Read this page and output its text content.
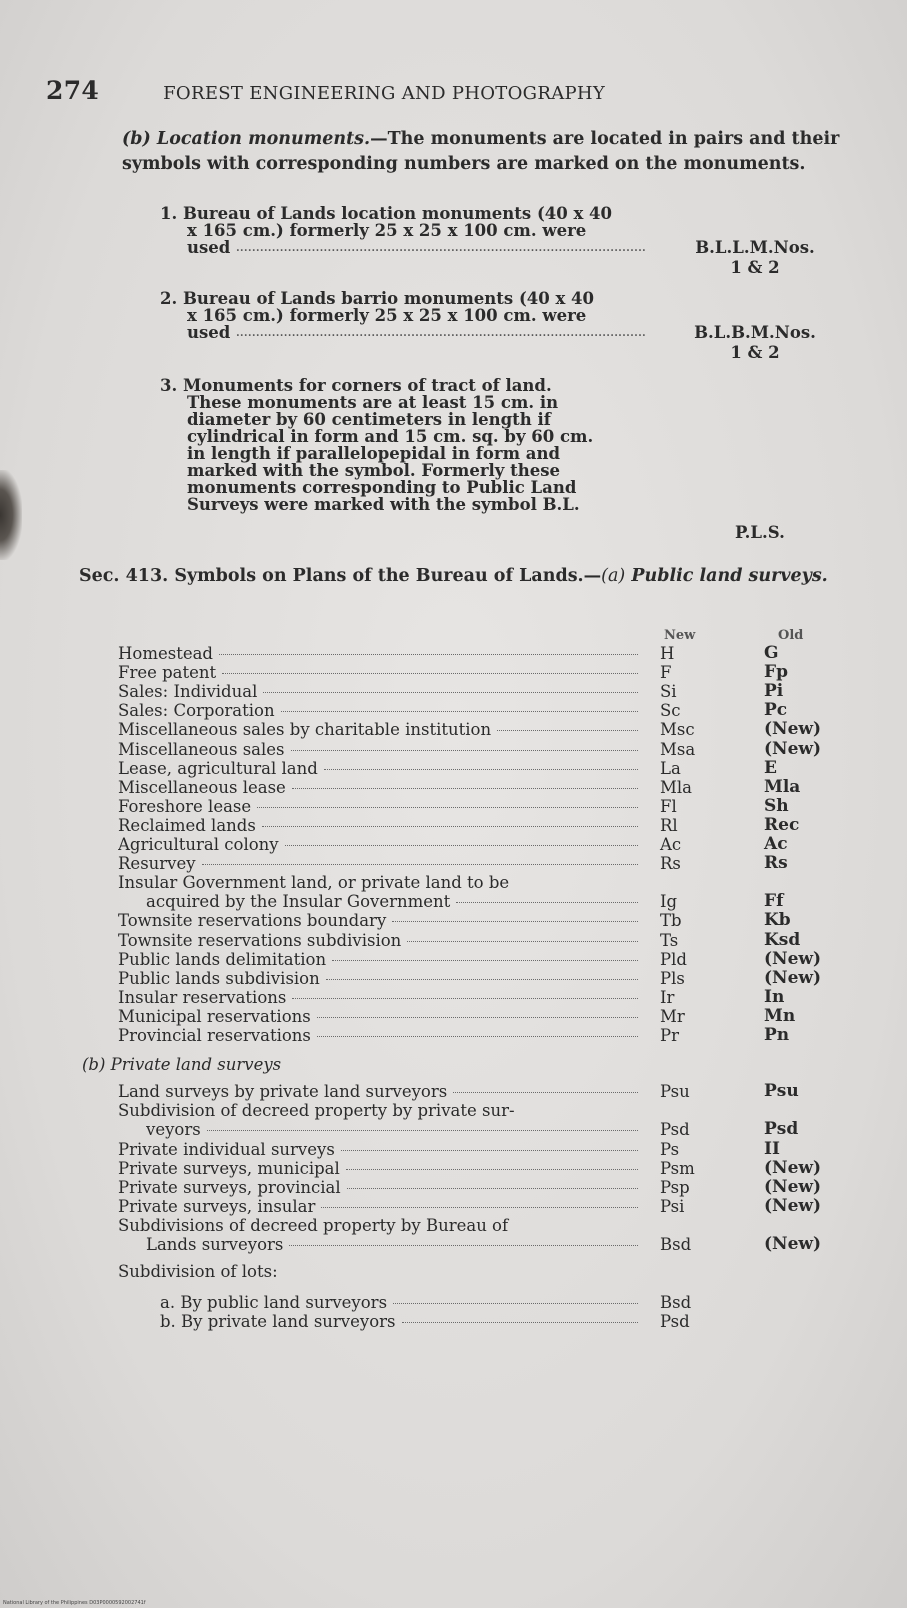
274	FOREST ENGINEERING AND PHOTOGRAPHY
(b) Location monuments.—The monuments are located in pairs and their symbols with corresponding numbers are marked on the monuments.
1. Bureau of Lands location monuments (40 x 40
x 165 cm.) formerly 25 x 25 x 100 cm. were
used .......................................................................................................	B.L.L.M.Nos.
1 & 2
2. Bureau of Lands barrio monuments (40 x 40
x 165 cm.) formerly 25 x 25 x 100 cm. were
used .......................................................................................................	B.L.B.M.Nos.
1 & 2
3. Monuments for corners of tract of land.
These monuments are at least 15 cm. in
diameter by 60 centimeters in length if
cylindrical in form and 15 cm. sq. by 60 cm.
in length if parallelopepidal in form and
marked with the symbol. Formerly these
monuments corresponding to Public Land
Surveys were marked with the symbol B.L.
P.L.S.
Sec. 413. Symbols on Plans of the Bureau of Lands.—(a) Public land surveys.
New	Old
Homestead	H	G
Free patent	F	Fp
Sales: Individual	Si	Pi
Sales: Corporation	Sc	Pc
Miscellaneous sales by charitable institution	Msc	(New)
Miscellaneous sales	Msa	(New)
Lease, agricultural land	La	E
Miscellaneous lease	Mla	Mla
Foreshore lease	Fl	Sh
Reclaimed lands	Rl	Rec
Agricultural colony	Ac	Ac
Resurvey	Rs	Rs
Insular Government land, or private land to be
acquired by the Insular Government	Ig	Ff
Townsite reservations boundary	Tb	Kb
Townsite reservations subdivision	Ts	Ksd
Public lands delimitation	Pld	(New)
Public lands subdivision	Pls	(New)
Insular reservations	Ir	In
Municipal reservations	Mr	Mn
Provincial reservations	Pr	Pn
(b) Private land surveys
Land surveys by private land surveyors	Psu	Psu
Subdivision of decreed property by private sur-
veyors	Psd	Psd
Private individual surveys	Ps	II
Private surveys, municipal	Psm	(New)
Private surveys, provincial	Psp	(New)
Private surveys, insular	Psi	(New)
Subdivisions of decreed property by Bureau of
Lands surveyors	Bsd	(New)
Subdivision of lots:
a. By public land surveyors	Bsd
b. By private land surveyors	Psd
National Library of the Philippines D03P0000592002741f
